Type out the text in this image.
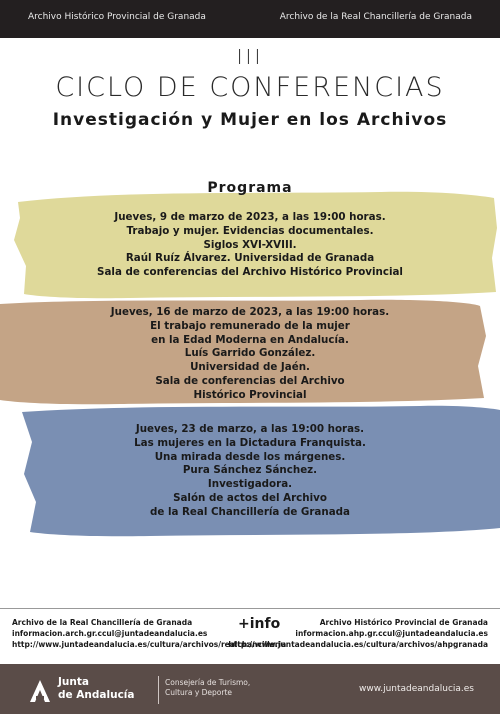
Archivo Histórico Provincial de Granada	Archivo de la Real Chancillería de Granada
III
CICLO DE CONFERENCIAS
Investigación y Mujer en los Archivos
Programa
Jueves, 9 de marzo de 2023, a las 19:00 horas.
Trabajo y mujer. Evidencias documentales.
Siglos XVI-XVIII.
Raúl Ruíz Álvarez. Universidad de Granada
Sala de conferencias del Archivo Histórico Provincial
Jueves, 16 de marzo de 2023, a las 19:00 horas.
El trabajo remunerado de la mujer
en la Edad Moderna en Andalucía.
Luís Garrido González.
Universidad de Jaén.
Sala de conferencias del Archivo
Histórico Provincial
Jueves, 23 de marzo, a las 19:00 horas.
Las mujeres en la Dictadura Franquista.
Una mirada desde los márgenes.
Pura Sánchez Sánchez.
Investigadora.
Salón de actos del Archivo
de la Real Chancillería de Granada
Archivo de la Real Chancillería de Granada
informacion.arch.gr.ccul@juntadeandalucia.es
http://www.juntadeandalucia.es/cultura/archivos/realchancilleria
+info	Archivo Histórico Provincial de Granada
informacion.ahp.gr.ccul@juntadeandalucia.es
http://www.juntadeandalucia.es/cultura/archivos/ahpgranada
Junta
de Andalucía
Consejería de Turismo,
Cultura y Deporte	www.juntadeandalucia.es
